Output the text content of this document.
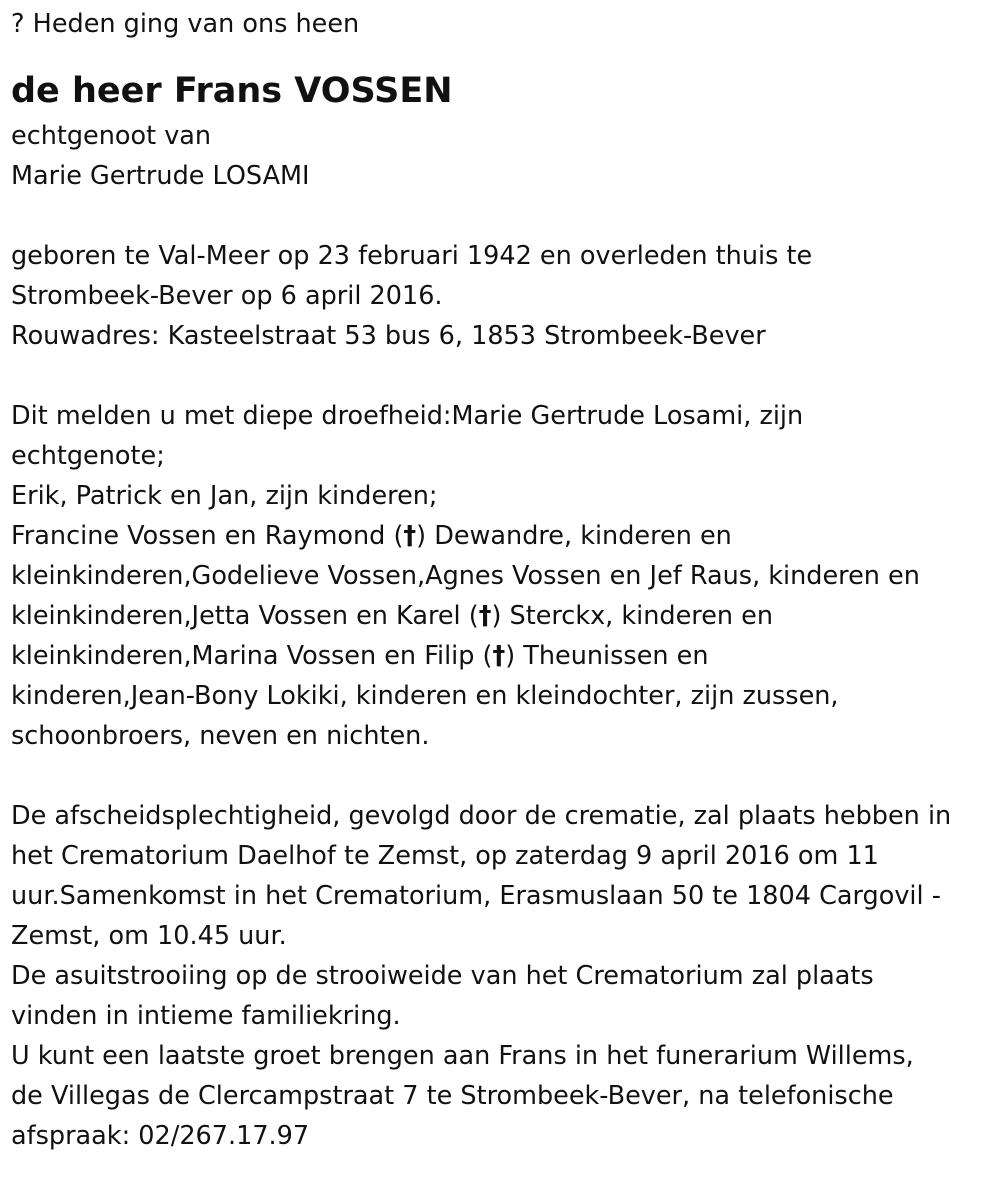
? Heden ging van ons heen
de heer Frans VOSSEN
echtgenoot van
Marie Gertrude LOSAMI
geboren te Val-Meer op 23 februari 1942 en overleden thuis te
Strombeek-Bever op 6 april 2016.
Rouwadres: Kasteelstraat 53 bus 6, 1853 Strombeek-Bever
Dit melden u met diepe droefheid:Marie Gertrude Losami, zijn
echtgenote;
Erik, Patrick en Jan, zijn kinderen;
Francine Vossen en Raymond (†) Dewandre, kinderen en
kleinkinderen,Godelieve Vossen,Agnes Vossen en Jef Raus, kinderen en
kleinkinderen,Jetta Vossen en Karel (†) Sterckx, kinderen en
kleinkinderen,Marina Vossen en Filip (†) Theunissen en
kinderen,Jean-Bony Lokiki, kinderen en kleindochter, zijn zussen,
schoonbroers, neven en nichten.
De afscheidsplechtigheid, gevolgd door de crematie, zal plaats hebben in
het Crematorium Daelhof te Zemst, op zaterdag 9 april 2016 om 11
uur.Samenkomst in het Crematorium, Erasmuslaan 50 te 1804 Cargovil -
Zemst, om 10.45 uur.
De asuitstrooiing op de strooiweide van het Crematorium zal plaats
vinden in intieme familiekring.
U kunt een laatste groet brengen aan Frans in het funerarium Willems,
de Villegas de Clercampstraat 7 te Strombeek-Bever, na telefonische
afspraak: 02/267.17.97
